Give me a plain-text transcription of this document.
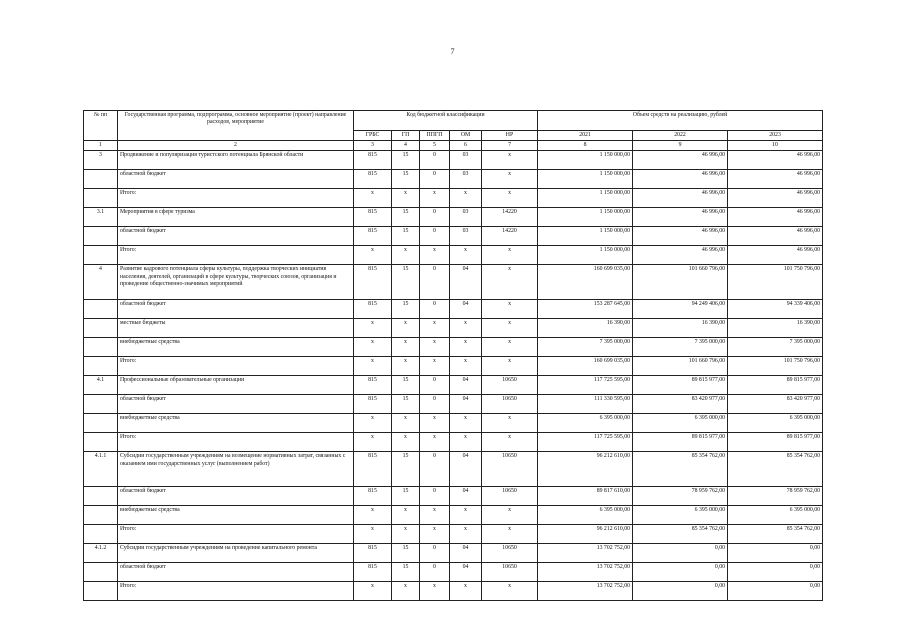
7
№ пп	Государственная программа, подпрограмма, основное мероприятие (проект) направление расходов, мероприятие	Код бюджетной классификации					Объем средств на реализацию, рублей		
		ГРБС	ГП	ППГП	ОМ	НР	2021	2022	2023
1	2	3	4	5	6	7	8	9	10
3	Продвижение и популяризация туристского потенциала Брянской области	815	15	0	03	х	1 150 000,00	46 996,00	46 996,00
	областной бюджет	815	15	0	03	х	1 150 000,00	46 996,00	46 996,00
	Итого:	х	х	х	х	х	1 150 000,00	46 996,00	46 996,00
3.1	Мероприятия в сфере туризма	815	15	0	03	14220	1 150 000,00	46 996,00	46 996,00
	областной бюджет	815	15	0	03	14220	1 150 000,00	46 996,00	46 996,00
	Итого:	х	х	х	х	х	1 150 000,00	46 996,00	46 996,00
4	Развитие кадрового потенциала сферы культуры, поддержка творческих инициатив населения, деятелей, организаций в сфере культуры, творческих союзов, организация и проведение общественно-значимых мероприятий	815	15	0	04	х	160 699 035,00	101 660 796,00	101 750 796,00
	областной бюджет	815	15	0	04	х	153 287 645,00	94 249 406,00	94 339 406,00
	местные бюджеты	х	х	х	х	х	16 390,00	16 390,00	16 390,00
	внебюджетные средства	х	х	х	х	х	7 395 000,00	7 395 000,00	7 395 000,00
	Итого:	х	х	х	х	х	160 699 035,00	101 660 796,00	101 750 796,00
4.1	Профессиональные образовательные организации	815	15	0	04	10650	117 725 595,00	89 815 977,00	89 815 977,00
	областной бюджет	815	15	0	04	10650	111 330 595,00	83 420 977,00	83 420 977,00
	внебюджетные средства	х	х	х	х	х	6 395 000,00	6 395 000,00	6 395 000,00
	Итого:	х	х	х	х	х	117 725 595,00	89 815 977,00	89 815 977,00
4.1.1	Субсидии государственным учреждениям на возмещение нормативных затрат, связанных с оказанием ими государственных услуг (выполнением работ)	815	15	0	04	10650	96 212 610,00	85 354 762,00	85 354 762,00
	областной бюджет	815	15	0	04	10650	89 817 610,00	78 959 762,00	78 959 762,00
	внебюджетные средства	х	х	х	х	х	6 395 000,00	6 395 000,00	6 395 000,00
	Итого:	х	х	х	х	х	96 212 610,00	85 354 762,00	85 354 762,00
4.1.2	Субсидии государственным учреждениям на проведение капитального ремонта	815	15	0	04	10650	13 702 752,00	0,00	0,00
	областной бюджет	815	15	0	04	10650	13 702 752,00	0,00	0,00
	Итого:	х	х	х	х	х	13 702 752,00	0,00	0,00
